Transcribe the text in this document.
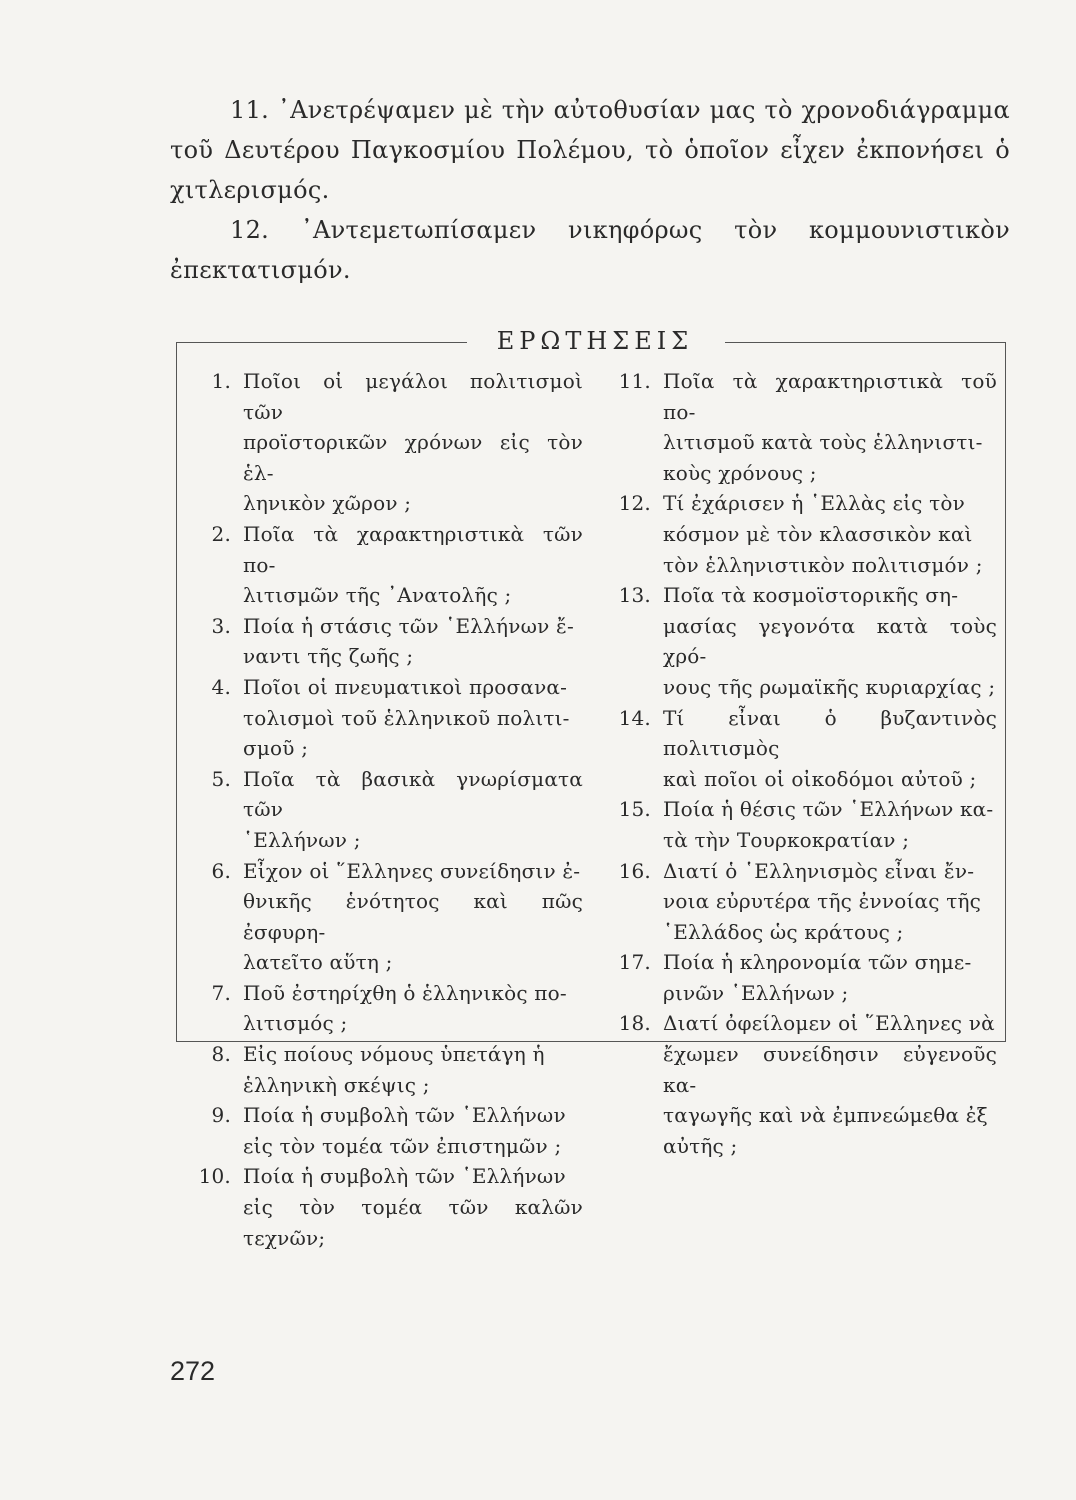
11. ᾿Ανετρέψαμεν μὲ τὴν αὐτοθυσίαν μας τὸ χρονοδιάγραμμα τοῦ Δευτέρου Παγκοσμίου Πολέμου, τὸ ὁποῖον εἶχεν ἐκπονήσει ὁ χιτλερισμός.

12. ᾿Αντεμετωπίσαμεν νικηφόρως τὸν κομμουνιστικὸν ἐπεκτατισμόν.

ΕΡΩΤΗΣΕΙΣ
1. Ποῖοι οἱ μεγάλοι πολιτισμοὶ τῶν
προϊστορικῶν χρόνων εἰς τὸν ἑλ-
ληνικὸν χῶρον ;
2. Ποῖα τὰ χαρακτηριστικὰ τῶν πο-
λιτισμῶν τῆς ᾿Ανατολῆς ;
3. Ποία ἡ στάσις τῶν ῾Ελλήνων ἔ-
ναντι τῆς ζωῆς ;
4. Ποῖοι οἱ πνευματικοὶ προσανα-
τολισμοὶ τοῦ ἑλληνικοῦ πολιτι-
σμοῦ ;
5. Ποῖα τὰ βασικὰ γνωρίσματα τῶν
῾Ελλήνων ;
6. Εἶχον οἱ ῞Ελληνες συνείδησιν ἐ-
θνικῆς ἑνότητος καὶ πῶς ἐσφυρη-
λατεῖτο αὕτη ;
7. Ποῦ ἐστηρίχθη ὁ ἑλληνικὸς πο-
λιτισμός ;
8. Εἰς ποίους νόμους ὑπετάγη ἡ
ἑλληνικὴ σκέψις ;
9. Ποία ἡ συμβολὴ τῶν ῾Ελλήνων
εἰς τὸν τομέα τῶν ἐπιστημῶν ;
10. Ποία ἡ συμβολὴ τῶν ῾Ελλήνων
εἰς τὸν τομέα τῶν καλῶν τεχνῶν;
11. Ποῖα τὰ χαρακτηριστικὰ τοῦ πο-
λιτισμοῦ κατὰ τοὺς ἑλληνιστι-
κοὺς χρόνους ;
12. Τί ἐχάρισεν ἡ ῾Ελλὰς εἰς τὸν
κόσμον μὲ τὸν κλασσικὸν καὶ
τὸν ἑλληνιστικὸν πολιτισμόν ;
13. Ποῖα τὰ κοσμοϊστορικῆς ση-
μασίας γεγονότα κατὰ τοὺς χρό-
νους τῆς ρωμαϊκῆς κυριαρχίας ;
14. Τί εἶναι ὁ βυζαντινὸς πολιτισμὸς
καὶ ποῖοι οἱ οἰκοδόμοι αὐτοῦ ;
15. Ποία ἡ θέσις τῶν ῾Ελλήνων κα-
τὰ τὴν Τουρκοκρατίαν ;
16. Διατί ὁ ῾Ελληνισμὸς εἶναι ἔν-
νοια εὐρυτέρα τῆς ἐννοίας τῆς
῾Ελλάδος ὡς κράτους ;
17. Ποία ἡ κληρονομία τῶν σημε-
ρινῶν ῾Ελλήνων ;
18. Διατί ὀφείλομεν οἱ ῞Ελληνες νὰ
ἔχωμεν συνείδησιν εὐγενοῦς κα-
ταγωγῆς καὶ νὰ ἐμπνεώμεθα ἐξ
αὐτῆς ;
272
